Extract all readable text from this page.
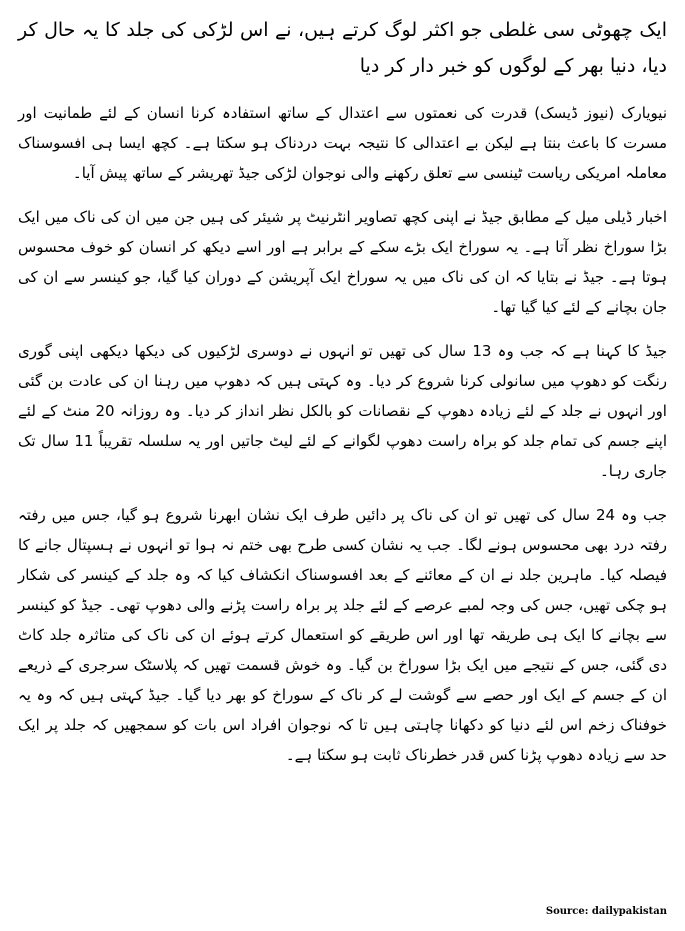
ایک چھوٹی سی غلطی جو اکثر لوگ کرتے ہیں، نے اس لڑکی کی جلد کا یہ حال کر دیا، دنیا بھر کے لوگوں کو خبر دار کر دیا

نیویارک (نیوز ڈیسک) قدرت کی نعمتوں سے اعتدال کے ساتھ استفادہ کرنا انسان کے لئے طمانیت اور مسرت کا باعث بنتا ہے لیکن بے اعتدالی کا نتیجہ بہت دردناک ہو سکتا ہے۔ کچھ ایسا ہی افسوسناک معاملہ امریکی ریاست ٹینسی سے تعلق رکھنے والی نوجوان لڑکی جیڈ تھریشر کے ساتھ پیش آیا۔

اخبار ڈیلی میل کے مطابق جیڈ نے اپنی کچھ تصاویر انٹرنیٹ پر شیئر کی ہیں جن میں ان کی ناک میں ایک بڑا سوراخ نظر آتا ہے۔ یہ سوراخ ایک بڑے سکے کے برابر ہے اور اسے دیکھ کر انسان کو خوف محسوس ہوتا ہے۔ جیڈ نے بتایا کہ ان کی ناک میں یہ سوراخ ایک آپریشن کے دوران کیا گیا، جو کینسر سے ان کی جان بچانے کے لئے کیا گیا تھا۔

جیڈ کا کہنا ہے کہ جب وہ 13 سال کی تھیں تو انہوں نے دوسری لڑکیوں کی دیکھا دیکھی اپنی گوری رنگت کو دھوپ میں سانولی کرنا شروع کر دیا۔ وہ کہتی ہیں کہ دھوپ میں رہنا ان کی عادت بن گئی اور انہوں نے جلد کے لئے زیادہ دھوپ کے نقصانات کو بالکل نظر انداز کر دیا۔ وہ روزانہ 20 منٹ کے لئے اپنے جسم کی تمام جلد کو براہ راست دھوپ لگوانے کے لئے لیٹ جاتیں اور یہ سلسلہ تقریباً 11 سال تک جاری رہا۔

جب وہ 24 سال کی تھیں تو ان کی ناک پر دائیں طرف ایک نشان ابھرنا شروع ہو گیا، جس میں رفتہ رفتہ درد بھی محسوس ہونے لگا۔ جب یہ نشان کسی طرح بھی ختم نہ ہوا تو انہوں نے ہسپتال جانے کا فیصلہ کیا۔ ماہرین جلد نے ان کے معائنے کے بعد افسوسناک انکشاف کیا کہ وہ جلد کے کینسر کی شکار ہو چکی تھیں، جس کی وجہ لمبے عرصے کے لئے جلد پر براہ راست پڑنے والی دھوپ تھی۔ جیڈ کو کینسر سے بچانے کا ایک ہی طریقہ تھا اور اس طریقے کو استعمال کرتے ہوئے ان کی ناک کی متاثرہ جلد کاٹ دی گئی، جس کے نتیجے میں ایک بڑا سوراخ بن گیا۔ وہ خوش قسمت تھیں کہ پلاسٹک سرجری کے ذریعے ان کے جسم کے ایک اور حصے سے گوشت لے کر ناک کے سوراخ کو بھر دیا گیا۔ جیڈ کہتی ہیں کہ وہ یہ خوفناک زخم اس لئے دنیا کو دکھانا چاہتی ہیں تا کہ نوجوان افراد اس بات کو سمجھیں کہ جلد پر ایک حد سے زیادہ دھوپ پڑنا کس قدر خطرناک ثابت ہو سکتا ہے۔

Source: dailypakistan
